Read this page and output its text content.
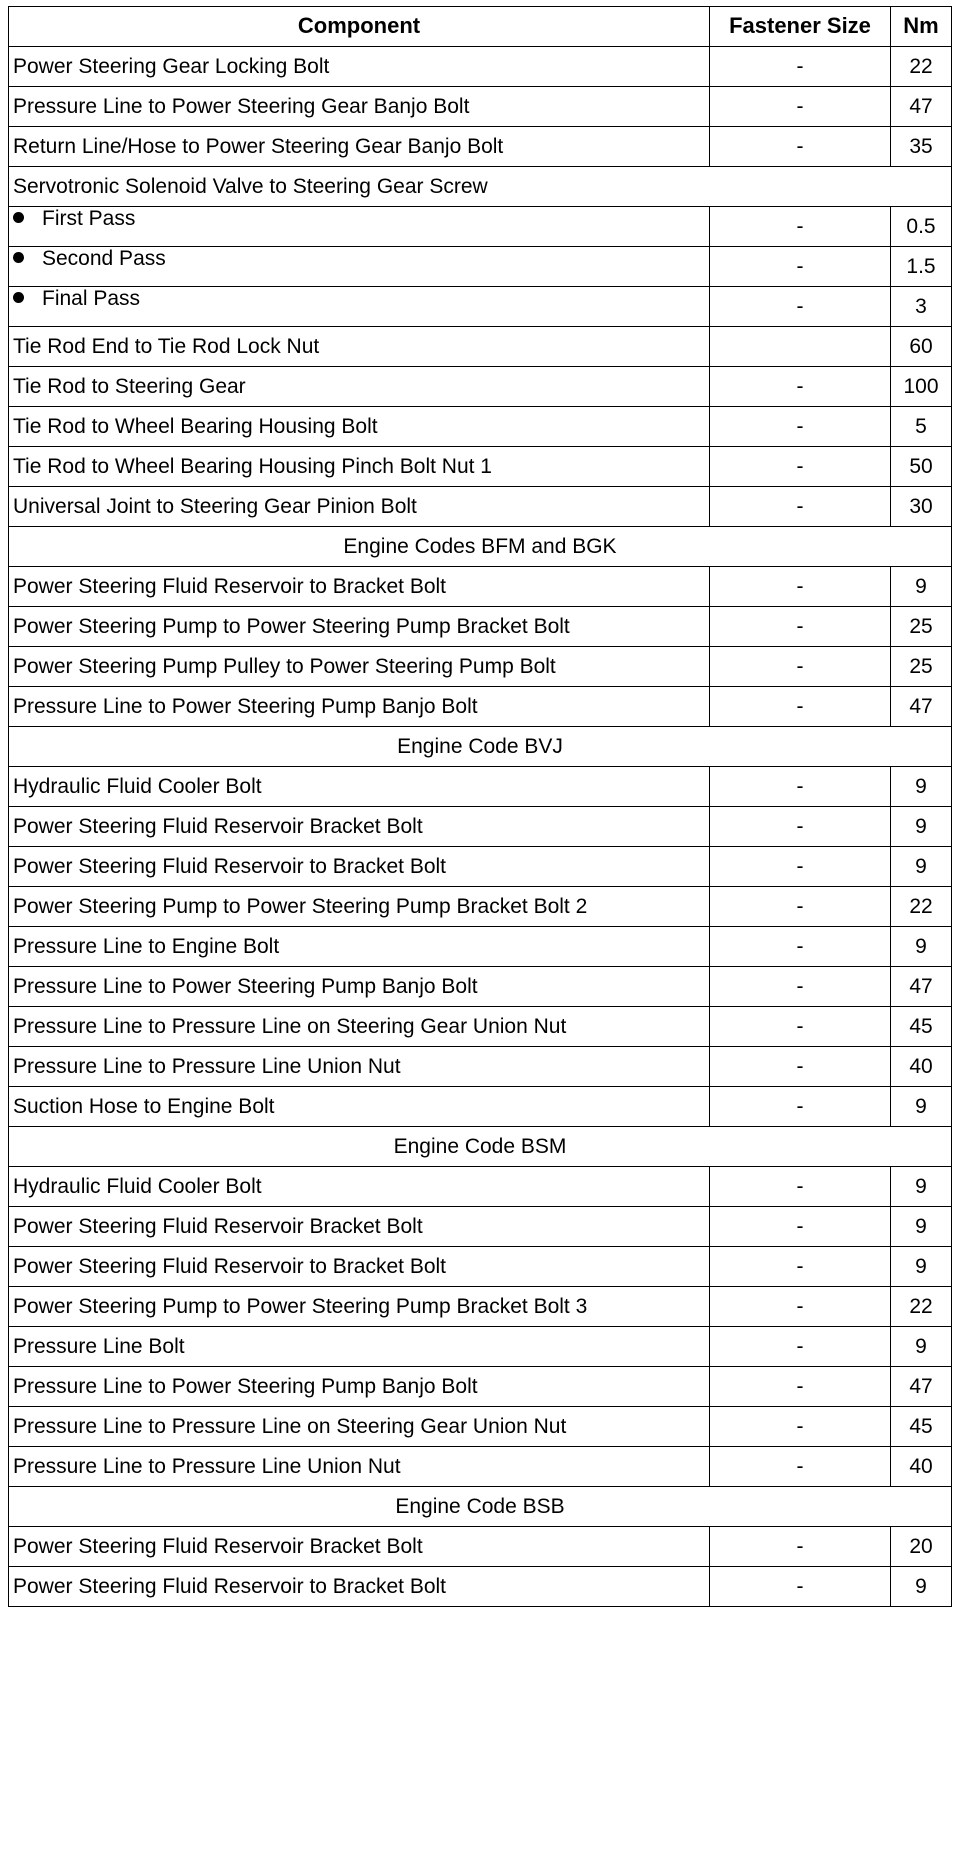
Component	Fastener Size	Nm
Power Steering Gear Locking Bolt	-	22
Pressure Line to Power Steering Gear Banjo Bolt	-	47
Return Line/Hose to Power Steering Gear Banjo Bolt	-	35
Servotronic Solenoid Valve to Steering Gear Screw		
First Pass	-	0.5
Second Pass	-	1.5
Final Pass	-	3
Tie Rod End to Tie Rod Lock Nut		60
Tie Rod to Steering Gear	-	100
Tie Rod to Wheel Bearing Housing Bolt	-	5
Tie Rod to Wheel Bearing Housing Pinch Bolt Nut 1	-	50
Universal Joint to Steering Gear Pinion Bolt	-	30
Engine Codes BFM and BGK		
Power Steering Fluid Reservoir to Bracket Bolt	-	9
Power Steering Pump to Power Steering Pump Bracket Bolt	-	25
Power Steering Pump Pulley to Power Steering Pump Bolt	-	25
Pressure Line to Power Steering Pump Banjo Bolt	-	47
Engine Code BVJ		
Hydraulic Fluid Cooler Bolt	-	9
Power Steering Fluid Reservoir Bracket Bolt	-	9
Power Steering Fluid Reservoir to Bracket Bolt	-	9
Power Steering Pump to Power Steering Pump Bracket Bolt 2	-	22
Pressure Line to Engine Bolt	-	9
Pressure Line to Power Steering Pump Banjo Bolt	-	47
Pressure Line to Pressure Line on Steering Gear Union Nut	-	45
Pressure Line to Pressure Line Union Nut	-	40
Suction Hose to Engine Bolt	-	9
Engine Code BSM		
Hydraulic Fluid Cooler Bolt	-	9
Power Steering Fluid Reservoir Bracket Bolt	-	9
Power Steering Fluid Reservoir to Bracket Bolt	-	9
Power Steering Pump to Power Steering Pump Bracket Bolt 3	-	22
Pressure Line Bolt	-	9
Pressure Line to Power Steering Pump Banjo Bolt	-	47
Pressure Line to Pressure Line on Steering Gear Union Nut	-	45
Pressure Line to Pressure Line Union Nut	-	40
Engine Code BSB		
Power Steering Fluid Reservoir Bracket Bolt	-	20
Power Steering Fluid Reservoir to Bracket Bolt	-	9
